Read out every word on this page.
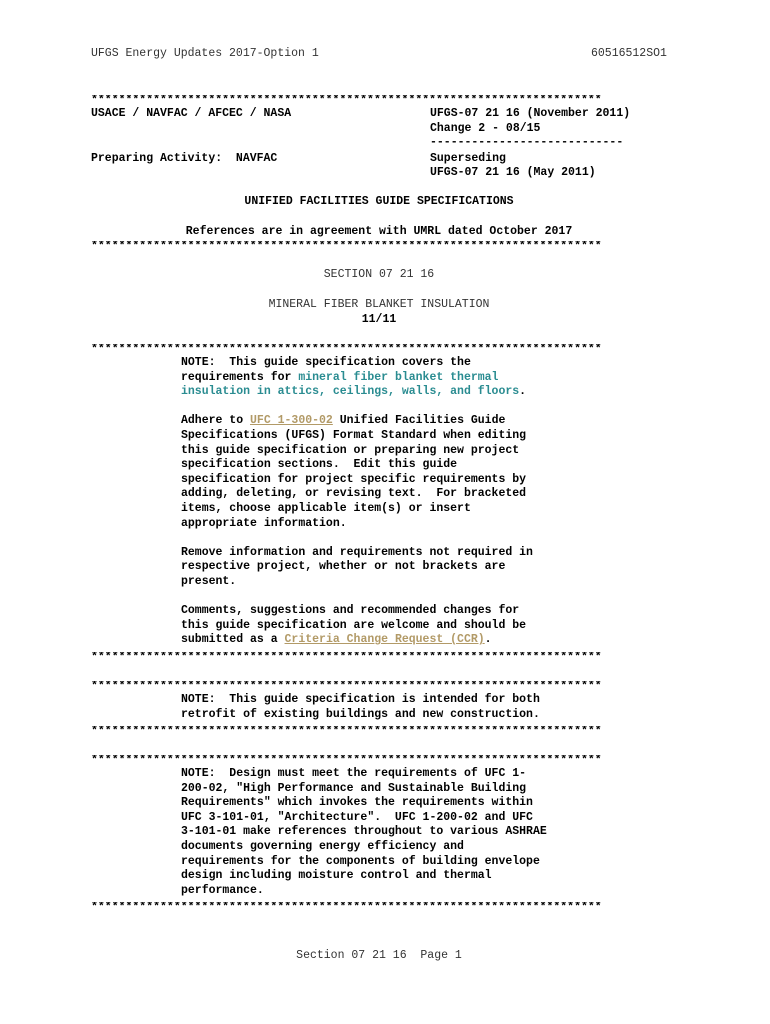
UFGS Energy Updates 2017-Option 1	60516512SO1
**************************************************************************
USACE / NAVFAC / AFCEC / NASA	UFGS-07 21 16 (November 2011)
Change 2 - 08/15
----------------------------
Preparing Activity:  NAVFAC	Superseding
UFGS-07 21 16 (May 2011)
UNIFIED FACILITIES GUIDE SPECIFICATIONS
References are in agreement with UMRL dated October 2017
**************************************************************************
SECTION 07 21 16
MINERAL FIBER BLANKET INSULATION
11/11
**************************************************************************

NOTE:  This guide specification covers the

requirements for mineral fiber blanket thermal

insulation in attics, ceilings, walls, and floors.

Adhere to UFC 1-300-02 Unified Facilities Guide

Specifications (UFGS) Format Standard when editing

this guide specification or preparing new project

specification sections.  Edit this guide

specification for project specific requirements by

adding, deleting, or revising text.  For bracketed

items, choose applicable item(s) or insert

appropriate information.

Remove information and requirements not required in

respective project, whether or not brackets are

present.

Comments, suggestions and recommended changes for

this guide specification are welcome and should be

submitted as a Criteria Change Request (CCR).

**************************************************************************
**************************************************************************

NOTE:  This guide specification is intended for both

retrofit of existing buildings and new construction.

**************************************************************************
**************************************************************************

NOTE:  Design must meet the requirements of UFC 1-

200-02, "High Performance and Sustainable Building

Requirements" which invokes the requirements within

UFC 3-101-01, "Architecture".  UFC 1-200-02 and UFC

3-101-01 make references throughout to various ASHRAE

documents governing energy efficiency and

requirements for the components of building envelope

design including moisture control and thermal

performance.

**************************************************************************
Section 07 21 16  Page 1
